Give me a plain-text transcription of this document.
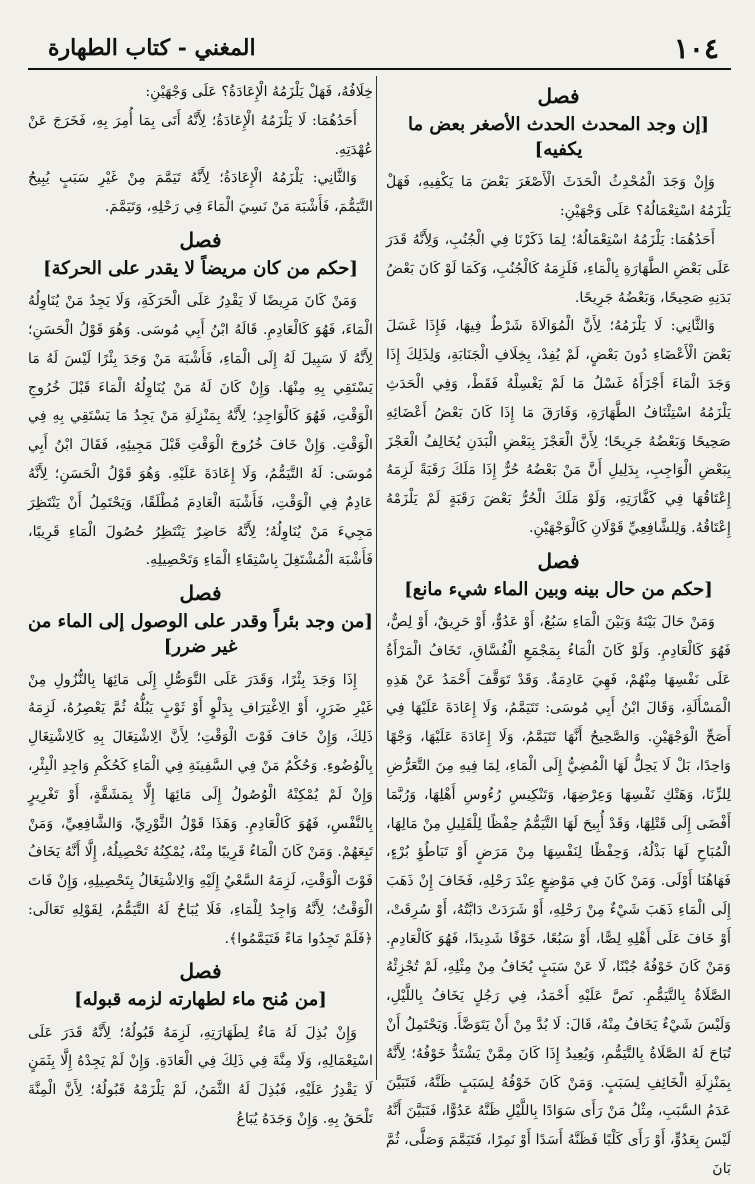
١٠٤
المغني - كتاب الطهارة
فصل
[إن وجد المحدث الحدث الأصغر بعض ما يكفيه]

وَإِنْ وَجَدَ الْمُحْدِثُ الْحَدَثَ الْأَصْغَرَ بَعْضَ مَا يَكْفِيهِ، فَهَلْ يَلْزَمُهُ اسْتِعْمَالُهُ؟ عَلَى وَجْهَيْنِ:

أَحَدُهُمَا: يَلْزَمُهُ اسْتِعْمَالُهُ؛ لِمَا ذَكَرْنَا فِي الْجُنُبِ، وَلِأَنَّهُ قَدَرَ عَلَى بَعْضِ الطَّهَارَةِ بِالْمَاءِ، فَلَزِمَهُ كَالْجُنُبِ، وَكَمَا لَوْ كَانَ بَعْضُ بَدَنِهِ صَحِيحًا، وَبَعْضُهُ جَرِيحًا.

وَالثَّانِي: لَا يَلْزَمُهُ؛ لِأَنَّ الْمُوَالَاةَ شَرْطٌ فِيهَا، فَإِذَا غَسَلَ بَعْضَ الْأَعْضَاءِ دُونَ بَعْضٍ، لَمْ يُفِدْ، بِخِلَافِ الْجَنَابَةِ، وَلِذَلِكَ إِذَا وَجَدَ الْمَاءَ أَجْزَأَهُ غَسْلُ مَا لَمْ يَغْسِلْهُ فَقَطْ، وَفِي الْحَدَثِ يَلْزَمُهُ اسْتِئْنَافُ الطَّهَارَةِ، وَفَارَقَ مَا إِذَا كَانَ بَعْضُ أَعْضَائِهِ صَحِيحًا وَبَعْضُهُ جَرِيحًا؛ لِأَنَّ الْعَجْزَ بِبَعْضِ الْبَدَنِ يُخَالِفُ الْعَجْزَ بِبَعْضِ الْوَاجِبِ، بِدَلِيلِ أَنَّ مَنْ بَعْضُهُ حُرٌّ إِذَا مَلَكَ رَقَبَةً لَزِمَهُ إِعْتَاقُهَا فِي كَفَّارَتِهِ، وَلَوْ مَلَكَ الْحُرُّ بَعْضَ رَقَبَةٍ لَمْ يَلْزَمْهُ إِعْتَاقُهُ. وَلِلشَّافِعِيِّ قَوْلَانِ كَالْوَجْهَيْنِ.

فصل
[حكم من حال بينه وبين الماء شيء مانع]

وَمَنْ حَالَ بَيْنَهُ وَبَيْنَ الْمَاءِ سَبُعٌ، أَوْ عَدُوٌّ، أَوْ حَرِيقٌ، أَوْ لِصٌّ، فَهُوَ كَالْعَادِمِ. وَلَوْ كَانَ الْمَاءُ بِمَجْمَعِ الْفُسَّاقِ، تَخَافُ الْمَرْأَةُ عَلَى نَفْسِهَا مِنْهُمْ، فَهِيَ عَادِمَةٌ. وَقَدْ تَوَقَّفَ أَحْمَدُ عَنْ هَذِهِ الْمَسْأَلَةِ، وَقَالَ ابْنُ أَبِي مُوسَى: تَتَيَمَّمُ، وَلَا إِعَادَةَ عَلَيْهَا فِي أَصَحِّ الْوَجْهَيْنِ. وَالصَّحِيحُ أَنَّهَا تَتَيَمَّمُ، وَلَا إِعَادَةَ عَلَيْهَا، وَجْهًا وَاحِدًا، بَلْ لَا يَحِلُّ لَهَا الْمُضِيُّ إِلَى الْمَاءِ، لِمَا فِيهِ مِنَ التَّعَرُّضِ لِلزِّنَا، وَهَتْكِ نَفْسِهَا وَعِرْضِهَا، وَتَنْكِيسِ رُءُوسِ أَهْلِهَا، وَرُبَّمَا أَفْضَى إِلَى قَتْلِهَا، وَقَدْ أُبِيحَ لَهَا التَّيَمُّمُ حِفْظًا لِلْقَلِيلِ مِنْ مَالِهَا، الْمُبَاحِ لَهَا بَذْلُهُ، وَحِفْظًا لِنَفْسِهَا مِنْ مَرَضٍ أَوْ تَبَاطُؤِ بُرْءٍ، فَهَاهُنَا أَوْلَى. وَمَنْ كَانَ فِي مَوْضِعٍ عِنْدَ رَحْلِهِ، فَخَافَ إِنْ ذَهَبَ إِلَى الْمَاءِ ذَهَبَ شَيْءٌ مِنْ رَحْلِهِ، أَوْ شَرَدَتْ دَابَّتُهُ، أَوْ سُرِقَتْ، أَوْ خَافَ عَلَى أَهْلِهِ لِصًّا، أَوْ سَبُعًا، خَوْفًا شَدِيدًا، فَهُوَ كَالْعَادِمِ. وَمَنْ كَانَ خَوْفُهُ جُبْنًا، لَا عَنْ سَبَبٍ يُخَافُ مِنْ مِثْلِهِ، لَمْ تُجْزِئْهُ الصَّلَاةُ بِالتَّيَمُّمِ. نَصَّ عَلَيْهِ أَحْمَدُ، فِي رَجُلٍ يَخَافُ بِاللَّيْلِ، وَلَيْسَ شَيْءٌ يَخَافُ مِنْهُ، قَالَ: لَا بُدَّ مِنْ أَنْ يَتَوَضَّأَ. وَيَحْتَمِلُ أَنْ تُبَاحَ لَهُ الصَّلَاةُ بِالتَّيَمُّمِ، وَيُعِيدُ إِذَا كَانَ مِمَّنْ يَشْتَدُّ خَوْفُهُ؛ لِأَنَّهُ بِمَنْزِلَةِ الْخَائِفِ لِسَبَبٍ. وَمَنْ كَانَ خَوْفُهُ لِسَبَبٍ ظَنَّهُ، فَتَبَيَّنَ عَدَمُ السَّبَبِ، مِثْلُ مَنْ رَأَى سَوَادًا بِاللَّيْلِ ظَنَّهُ عَدُوًّا، فَتَبَيَّنَ أَنَّهُ لَيْسَ بِعَدُوٍّ، أَوْ رَأَى كَلْبًا فَظَنَّهُ أَسَدًا أَوْ نَمِرًا، فَتَيَمَّمَ وَصَلَّى، ثُمَّ بَانَ

خِلَافُهُ، فَهَلْ يَلْزَمُهُ الْإِعَادَةُ؟ عَلَى وَجْهَيْنِ:

أَحَدُهُمَا: لَا يَلْزَمُهُ الْإِعَادَةُ؛ لِأَنَّهُ أَتَى بِمَا أُمِرَ بِهِ، فَخَرَجَ عَنْ عُهْدَتِهِ.

وَالثَّانِي: يَلْزَمُهُ الْإِعَادَةُ؛ لِأَنَّهُ تَيَمَّمَ مِنْ غَيْرِ سَبَبٍ يُبِيحُ التَّيَمُّمَ، فَأَشْبَهَ مَنْ نَسِيَ الْمَاءَ فِي رَحْلِهِ، وَتَيَمَّمَ.

فصل
[حكم من كان مريضاً لا يقدر على الحركة]

وَمَنْ كَانَ مَرِيضًا لَا يَقْدِرُ عَلَى الْحَرَكَةِ، وَلَا يَجِدُ مَنْ يُنَاوِلُهُ الْمَاءَ، فَهُوَ كَالْعَادِمِ. قَالَهُ ابْنُ أَبِي مُوسَى. وَهُوَ قَوْلُ الْحَسَنِ؛ لِأَنَّهُ لَا سَبِيلَ لَهُ إِلَى الْمَاءِ، فَأَشْبَهَ مَنْ وَجَدَ بِئْرًا لَيْسَ لَهُ مَا يَسْتَقِي بِهِ مِنْهَا. وَإِنْ كَانَ لَهُ مَنْ يُنَاوِلُهُ الْمَاءَ قَبْلَ خُرُوجِ الْوَقْتِ، فَهُوَ كَالْوَاجِدِ؛ لِأَنَّهُ بِمَنْزِلَةِ مَنْ يَجِدُ مَا يَسْتَقِي بِهِ فِي الْوَقْتِ. وَإِنْ خَافَ خُرُوجَ الْوَقْتِ قَبْلَ مَجِيئِهِ، فَقَالَ ابْنُ أَبِي مُوسَى: لَهُ التَّيَمُّمُ، وَلَا إِعَادَةَ عَلَيْهِ. وَهُوَ قَوْلُ الْحَسَنِ؛ لِأَنَّهُ عَادِمٌ فِي الْوَقْتِ، فَأَشْبَهَ الْعَادِمَ مُطْلَقًا، وَيَحْتَمِلُ أَنْ يَنْتَظِرَ مَجِيءَ مَنْ يُنَاوِلُهُ؛ لِأَنَّهُ حَاضِرٌ يَنْتَظِرُ حُصُولَ الْمَاءِ قَرِيبًا، فَأَشْبَهَ الْمُشْتَغِلَ بِاسْتِقَاءِ الْمَاءِ وَتَحْصِيلِهِ.

فصل
[من وجد بئراً وقدر على الوصول إلى الماء من غير ضرر]

إِذَا وَجَدَ بِئْرًا، وَقَدَرَ عَلَى التَّوَصُّلِ إِلَى مَائِهَا بِالنُّزُولِ مِنْ غَيْرِ ضَرَرٍ، أَوْ الِاغْتِرَافِ بِدَلْوٍ أَوْ ثَوْبٍ يَبُلُّهُ ثُمَّ يَعْصِرُهُ، لَزِمَهُ ذَلِكَ، وَإِنْ خَافَ فَوْتَ الْوَقْتِ؛ لِأَنَّ الِاشْتِغَالَ بِهِ كَالِاشْتِغَالِ بِالْوُضُوءِ. وَحُكْمُ مَنْ فِي السَّفِينَةِ فِي الْمَاءِ كَحُكْمِ وَاجِدِ الْبِئْرِ، وَإِنْ لَمْ يُمْكِنْهُ الْوُصُولُ إِلَى مَائِهَا إِلَّا بِمَشَقَّةٍ، أَوْ تَغْرِيرٍ بِالنَّفْسِ، فَهُوَ كَالْعَادِمِ. وَهَذَا قَوْلُ الثَّوْرِيِّ، وَالشَّافِعِيِّ، وَمَنْ تَبِعَهُمْ. وَمَنْ كَانَ الْمَاءُ قَرِيبًا مِنْهُ، يُمْكِنُهُ تَحْصِيلُهُ، إِلَّا أَنَّهُ يَخَافُ فَوْتَ الْوَقْتِ، لَزِمَهُ السَّعْيُ إِلَيْهِ وَالِاشْتِغَالُ بِتَحْصِيلِهِ، وَإِنْ فَاتَ الْوَقْتُ؛ لِأَنَّهُ وَاجِدٌ لِلْمَاءِ، فَلَا يُبَاحُ لَهُ التَّيَمُّمُ، لِقَوْلِهِ تَعَالَى: ﴿فَلَمْ تَجِدُوا مَاءً فَتَيَمَّمُوا﴾.

فصل
[من مُنح ماء لطهارته لزمه قبوله]

وَإِنْ بُذِلَ لَهُ مَاءٌ لِطَهَارَتِهِ، لَزِمَهُ قَبُولُهُ؛ لِأَنَّهُ قَدَرَ عَلَى اسْتِعْمَالِهِ، وَلَا مِنَّةَ فِي ذَلِكَ فِي الْعَادَةِ. وَإِنْ لَمْ يَجِدْهُ إِلَّا بِثَمَنٍ لَا يَقْدِرُ عَلَيْهِ، فَبُذِلَ لَهُ الثَّمَنُ، لَمْ يَلْزَمْهُ قَبُولُهُ؛ لِأَنَّ الْمِنَّةَ تَلْحَقُ بِهِ. وَإِنْ وَجَدَهُ يُبَاعُ
